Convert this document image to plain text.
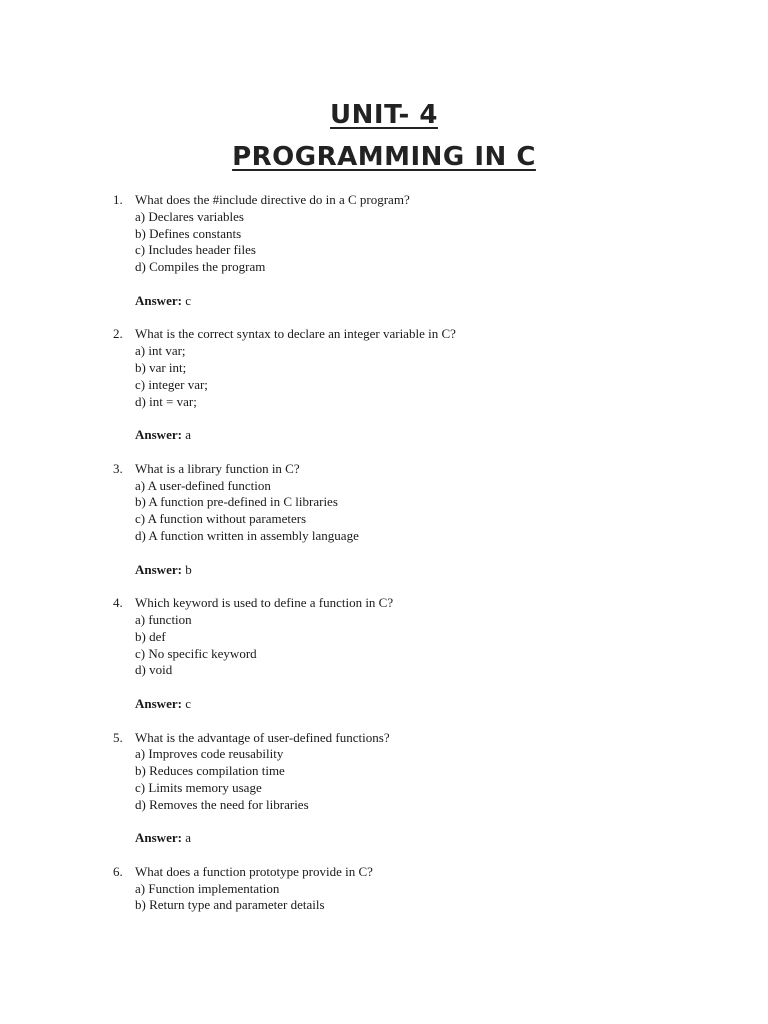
UNIT- 4
PROGRAMMING IN C
1. What does the #include directive do in a C program?
a) Declares variables
b) Defines constants
c) Includes header files
d) Compiles the program
Answer: c
2. What is the correct syntax to declare an integer variable in C?
a) int var;
b) var int;
c) integer var;
d) int = var;
Answer: a
3. What is a library function in C?
a) A user-defined function
b) A function pre-defined in C libraries
c) A function without parameters
d) A function written in assembly language
Answer: b
4. Which keyword is used to define a function in C?
a) function
b) def
c) No specific keyword
d) void
Answer: c
5. What is the advantage of user-defined functions?
a) Improves code reusability
b) Reduces compilation time
c) Limits memory usage
d) Removes the need for libraries
Answer: a
6. What does a function prototype provide in C?
a) Function implementation
b) Return type and parameter details
